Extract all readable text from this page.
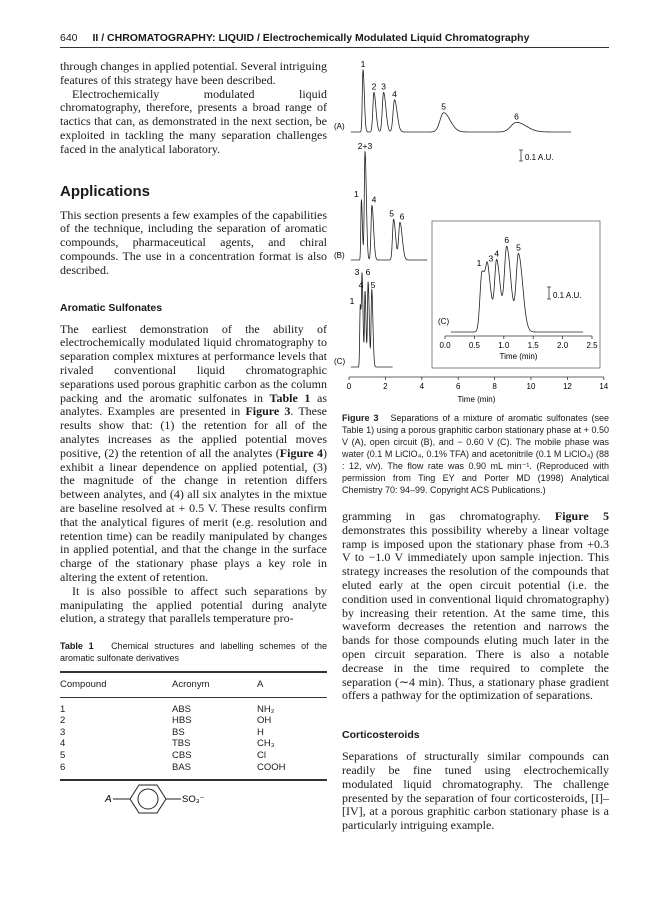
640 II / CHROMATOGRAPHY: LIQUID / Electrochemically Modulated Liquid Chromatography

through changes in applied potential. Several intriguing features of this strategy have been described.

Electrochemically modulated liquid chromatography, therefore, presents a broad range of tactics that can, as demonstrated in the next section, be exploited in tackling the many separation challenges faced in the analytical laboratory.

Applications

This section presents a few examples of the capabilities of the technique, including the separation of aromatic compounds, pharmaceutical agents, and chiral compounds. The use in a concentration format is also described.

Aromatic Sulfonates

The earliest demonstration of the ability of electrochemically modulated liquid chromatography to separation complex mixtures at performance levels that rivaled conventional liquid chromatographic separations used porous graphitic carbon as the column packing and the aromatic sulfonates in Table 1 as analytes. Examples are presented in Figure 3. These results show that: (1) the retention for all of the analytes increases as the applied potential moves positive, (2) the retention of all the analytes (Figure 4) exhibit a linear dependence on applied potential, (3) the magnitude of the change in retention differs between analytes, and (4) all six analytes in the mixtue are baseline resolved at + 0.5 V. These results confirm that the analytical figures of merit (e.g. resolution and retention time) can be readily manipulated by changes in applied potential, and that the change in the surface charge of the stationary phase plays a key role in altering the extent of retention.

It is also possible to affect such separations by manipulating the applied potential during analyte elution, a strategy that parallels temperature pro-

Table 1 Chemical structures and labelling schemes of the aromatic sulfonate derivatives
Compound	Acronym	A
1	ABS	NH₂
2	HBS	OH
3	BS	H
4	TBS	CH₃
5	CBS	Cl
6	BAS	COOH
A	SO₃⁻
1
2 3
4
5
6
(A)
1
2+3
4
5 6
(B)
1
3
4
6
5
(C)
0.1 A.U.
0	2	4	6	8	10	12	14
Time (min)
1 3
4
6
5
(C)
0.1 A.U.
0.0 0.5 1.0 1.5 2.0 2.5
Time (min)
Figure 3 Separations of a mixture of aromatic sulfonates (see Table 1) using a porous graphitic carbon stationary phase at + 0.50 V (A), open circuit (B), and − 0.60 V (C). The mobile phase was water (0.1 M LiClO₄, 0.1% TFA) and acetonitrile (0.1 M LiClO₄) (88 : 12, v/v). The flow rate was 0.90 mL min⁻¹. (Reproduced with permission from Ting EY and Porter MD (1998) Analytical Chemistry 70: 94–99. Copyright ACS Publications.)

gramming in gas chromatography. Figure 5 demonstrates this possibility whereby a linear voltage ramp is imposed upon the stationary phase from +0.3 V to −1.0 V immediately upon sample injection. This strategy increases the resolution of the compounds that eluted early at the open circuit potential (i.e. the condition used in conventional liquid chromatography) by increasing their retention. At the same time, this waveform decreases the retention and narrows the bands for those compounds eluting much later in the open circuit separation. There is also a notable decrease in the time required to complete the separation (∼4 min). Thus, a stationary phase gradient offers a pathway for the optimization of separations.

Corticosteroids

Separations of structurally similar compounds can readily be fine tuned using electrochemically modulated liquid chromatography. The challenge presented by the separation of four corticosteroids, [I]–[IV], at a porous graphitic carbon stationary phase is a particularly intriguing example.
